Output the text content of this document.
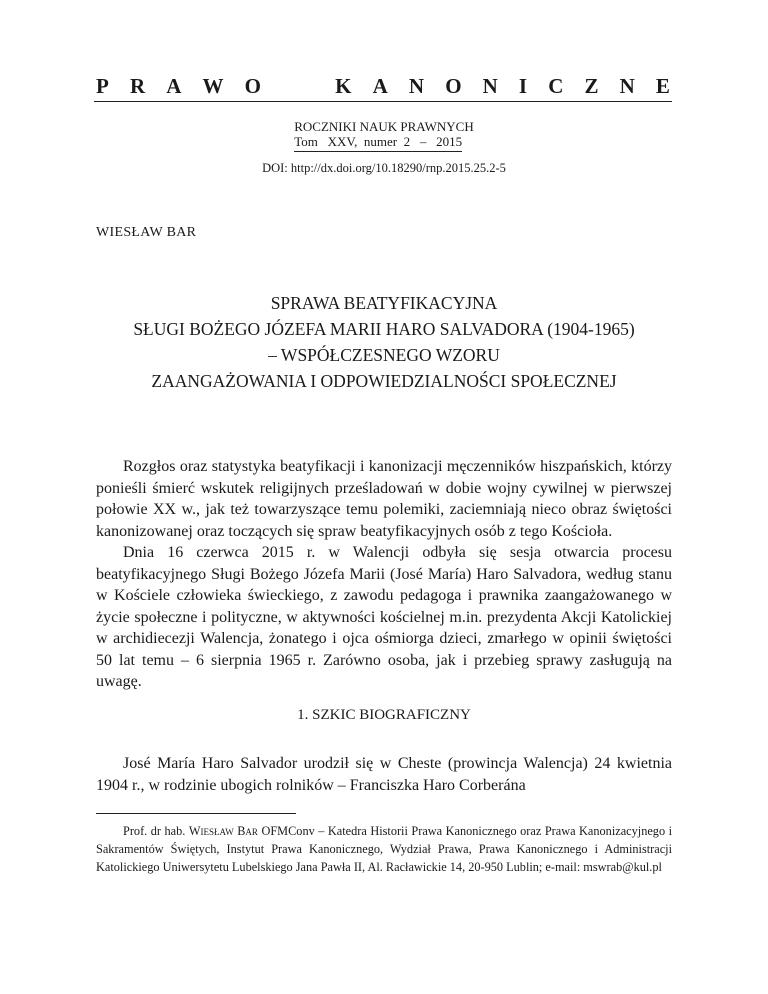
P R A W O	K A N O N I C Z N E
ROCZNIKI NAUK PRAWNYCH
Tom   XXV,  numer  2   –   2015
DOI: http://dx.doi.org/10.18290/rnp.2015.25.2-5
WIESŁAW BAR
SPRAWA BEATYFIKACYJNA
SŁUGI BOŻEGO JÓZEFA MARII HARO SALVADORA (1904-1965)
– WSPÓŁCZESNEGO WZORU
ZAANGAŻOWANIA I ODPOWIEDZIALNOŚCI SPOŁECZNEJ

Rozgłos oraz statystyka beatyfikacji i kanonizacji męczenników hiszpańskich, którzy ponieśli śmierć wskutek religijnych prześladowań w dobie wojny cywilnej w pierwszej połowie XX w., jak też towarzyszące temu polemiki, zaciemniają nieco obraz świętości kanonizowanej oraz toczących się spraw beatyfikacyjnych osób z tego Kościoła.

Dnia 16 czerwca 2015 r. w Walencji odbyła się sesja otwarcia procesu beatyfikacyjnego Sługi Bożego Józefa Marii (José María) Haro Salvadora, według stanu w Kościele człowieka świeckiego, z zawodu pedagoga i prawnika zaangażowanego w życie społeczne i polityczne, w aktywności kościelnej m.in. prezydenta Akcji Katolickiej w archidiecezji Walencja, żonatego i ojca ośmiorga dzieci, zmarłego w opinii świętości 50 lat temu – 6 sierpnia 1965 r. Zarówno osoba, jak i przebieg sprawy zasługują na uwagę.

1. SZKIC BIOGRAFICZNY

José María Haro Salvador urodził się w Cheste (prowincja Walencja) 24 kwietnia 1904 r., w rodzinie ubogich rolników – Franciszka Haro Corberána

Prof. dr hab. Wiesław Bar OFMConv – Katedra Historii Prawa Kanonicznego oraz Prawa Kanonizacyjnego i Sakramentów Świętych, Instytut Prawa Kanonicznego, Wydział Prawa, Prawa Kanonicznego i Administracji Katolickiego Uniwersytetu Lubelskiego Jana Pawła II, Al. Racławickie 14, 20-950 Lublin; e-mail: mswrab@kul.pl
